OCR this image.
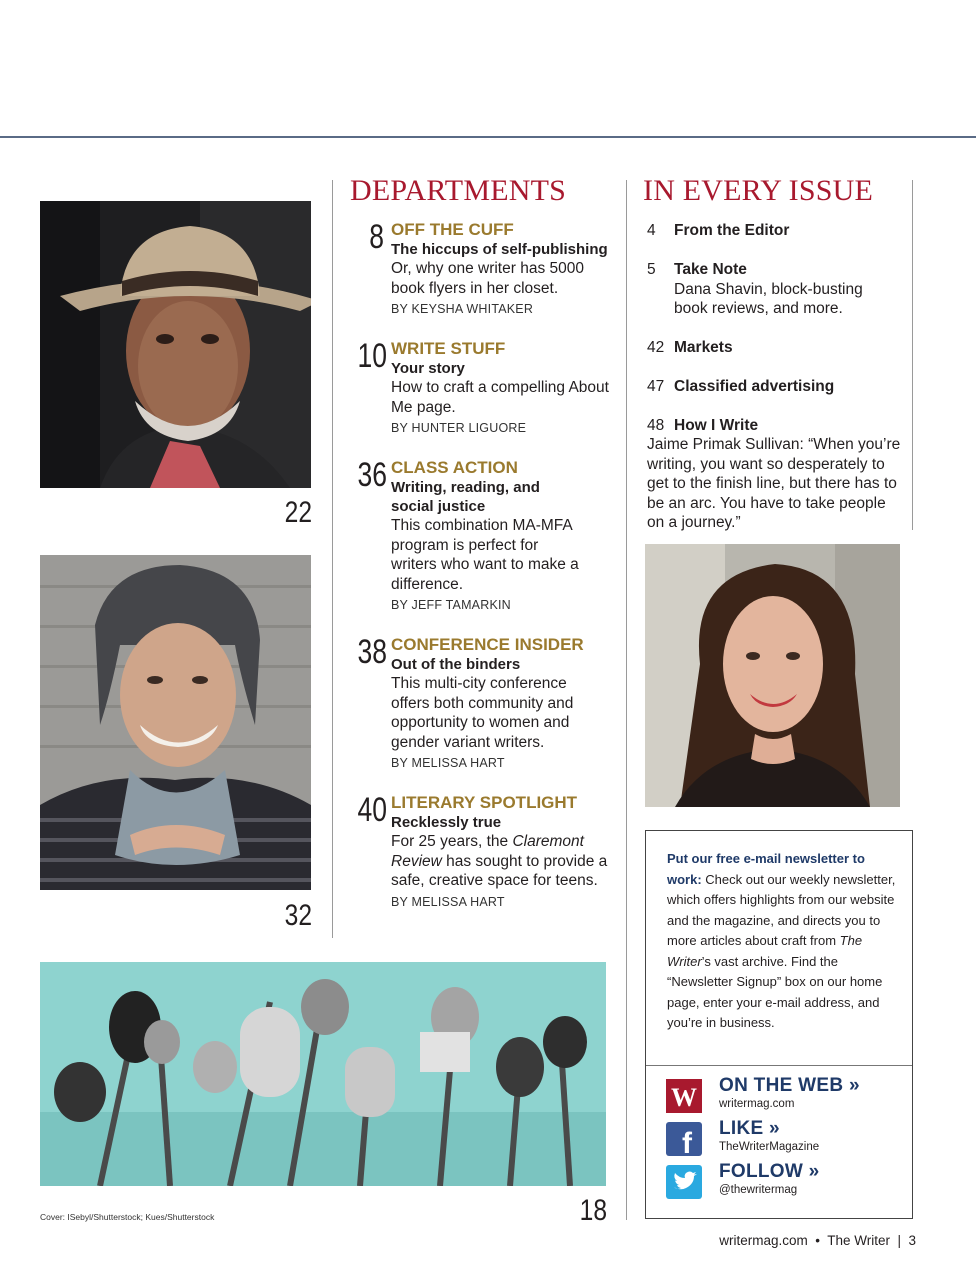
22
32
18
DEPARTMENTS
8 OFF THE CUFF
The hiccups of self-publishing
Or, why one writer has 5000 book flyers in her closet.
BY KEYSHA WHITAKER
10 WRITE STUFF
Your story
How to craft a compelling About Me page.
BY HUNTER LIGUORE
36 CLASS ACTION
Writing, reading, and social justice
This combination MA-MFA program is perfect for writers who want to make a difference.
BY JEFF TAMARKIN
38 CONFERENCE INSIDER
Out of the binders
This multi-city conference offers both community and opportunity to women and gender variant writers.
BY MELISSA HART
40 LITERARY SPOTLIGHT
Recklessly true
For 25 years, the Claremont Review has sought to provide a safe, creative space for teens.
BY MELISSA HART
IN EVERY ISSUE
4 From the Editor
5 Take Note
Dana Shavin, block-busting book reviews, and more.
42 Markets
47 Classified advertising
48 How I Write
Jaime Primak Sullivan: “When you’re writing, you want so desperately to get to the finish line, but there has to be an arc. You have to take people on a journey.”
Put our free e-mail newsletter to work: Check out our weekly newsletter, which offers highlights from our website and the magazine, and directs you to more articles about craft from The Writer’s vast archive. Find the “Newsletter Signup” box on our home page, enter your e-mail address, and you’re in business.
W ON THE WEB »
writermag.com
f LIKE »
TheWriterMagazine
FOLLOW »
@thewritermag
Cover: ISebyl/Shutterstock; Kues/Shutterstock
writermag.com  •  The Writer  |  3
